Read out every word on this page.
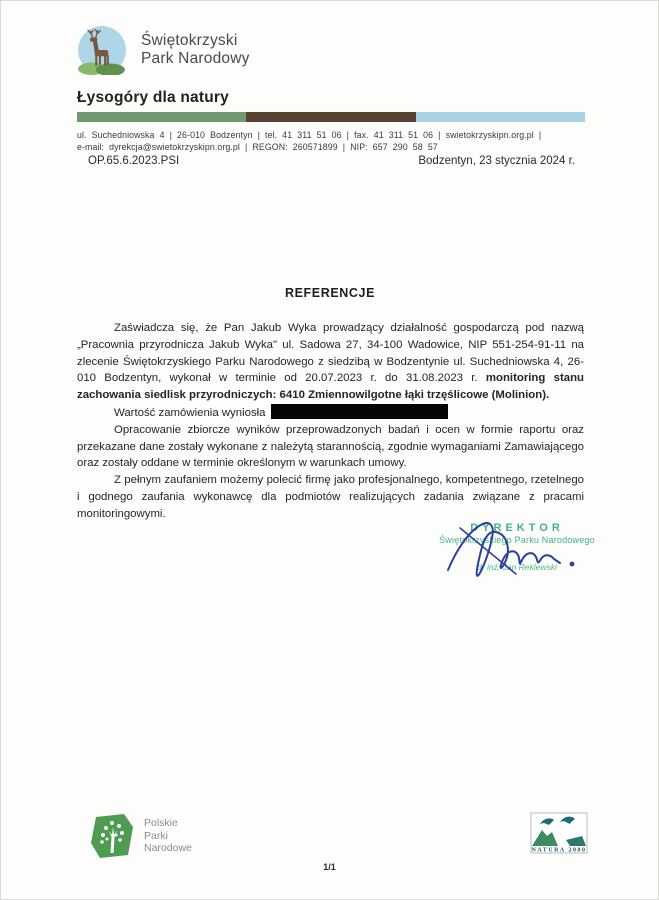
Świętokrzyski
Park Narodowy
Łysogóry dla natury
ul. Suchedniowska 4 | 26-010 Bodzentyn | tel. 41 311 51 06 | fax. 41 311 51 06 | swietokrzyskipn.org.pl |
e-mail: dyrekcja@swietokrzyskipn.org.pl | REGON: 260571899 | NIP: 657 290 58 57
OP.65.6.2023.PSI	Bodzentyn, 23 stycznia 2024 r.
REFERENCJE

Zaświadcza się, że Pan Jakub Wyka prowadzący działalność gospodarczą pod nazwą „Pracownia przyrodnicza Jakub Wyka" ul. Sadowa 27, 34-100 Wadowice, NIP 551-254-91-11 na zlecenie Świętokrzyskiego Parku Narodowego z siedzibą w Bodzentynie ul. Suchedniowska 4, 26-010 Bodzentyn, wykonał w terminie od 20.07.2023 r. do 31.08.2023 r. monitoring stanu zachowania siedlisk przyrodniczych: 6410 Zmiennowilgotne łąki trzęślicowe (Molinion).

Wartość zamówienia wyniosła

Opracowanie zbiorcze wyników przeprowadzonych badań i ocen w formie raportu oraz przekazane dane zostały wykonane z należytą starannością, zgodnie wymaganiami Zamawiającego oraz zostały oddane w terminie określonym w warunkach umowy.

Z pełnym zaufaniem możemy polecić firmę jako profesjonalnego, kompetentnego, rzetelnego i godnego zaufania wykonawcę dla podmiotów realizujących zadania związane z pracami monitoringowymi.

DYREKTOR
Świętokrzyskiego Parku Narodowego
dr inż. Jan Reklewski
Polskie
Parki
Narodowe	NATURA 2000
1/1
